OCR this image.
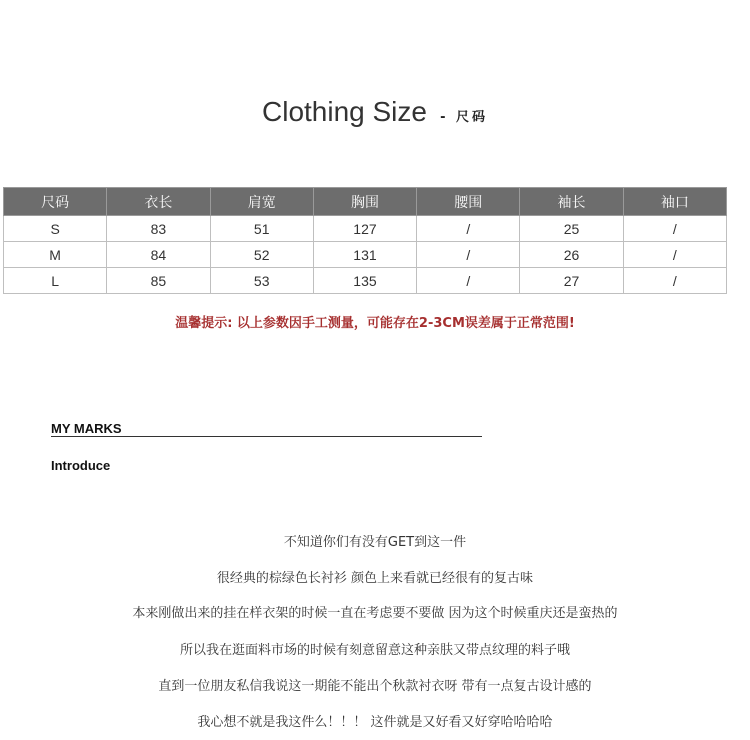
Clothing Size - 尺码
尺码	衣长	肩宽	胸围	腰围	袖长	袖口
S	83	51	127	/	25	/
M	84	52	131	/	26	/
L	85	53	135	/	27	/
温馨提示: 以上参数因手工测量，可能存在2-3CM误差属于正常范围!
MY MARKS
Introduce
不知道你们有没有GET到这一件
很经典的棕绿色长衬衫 颜色上来看就已经很有的复古味
本来刚做出来的挂在样衣架的时候一直在考虑要不要做 因为这个时候重庆还是蛮热的
所以我在逛面料市场的时候有刻意留意这种亲肤又带点纹理的料子哦
直到一位朋友私信我说这一期能不能出个秋款衬衣呀 带有一点复古设计感的
我心想不就是我这件么！！！ 这件就是又好看又好穿哈哈哈哈
